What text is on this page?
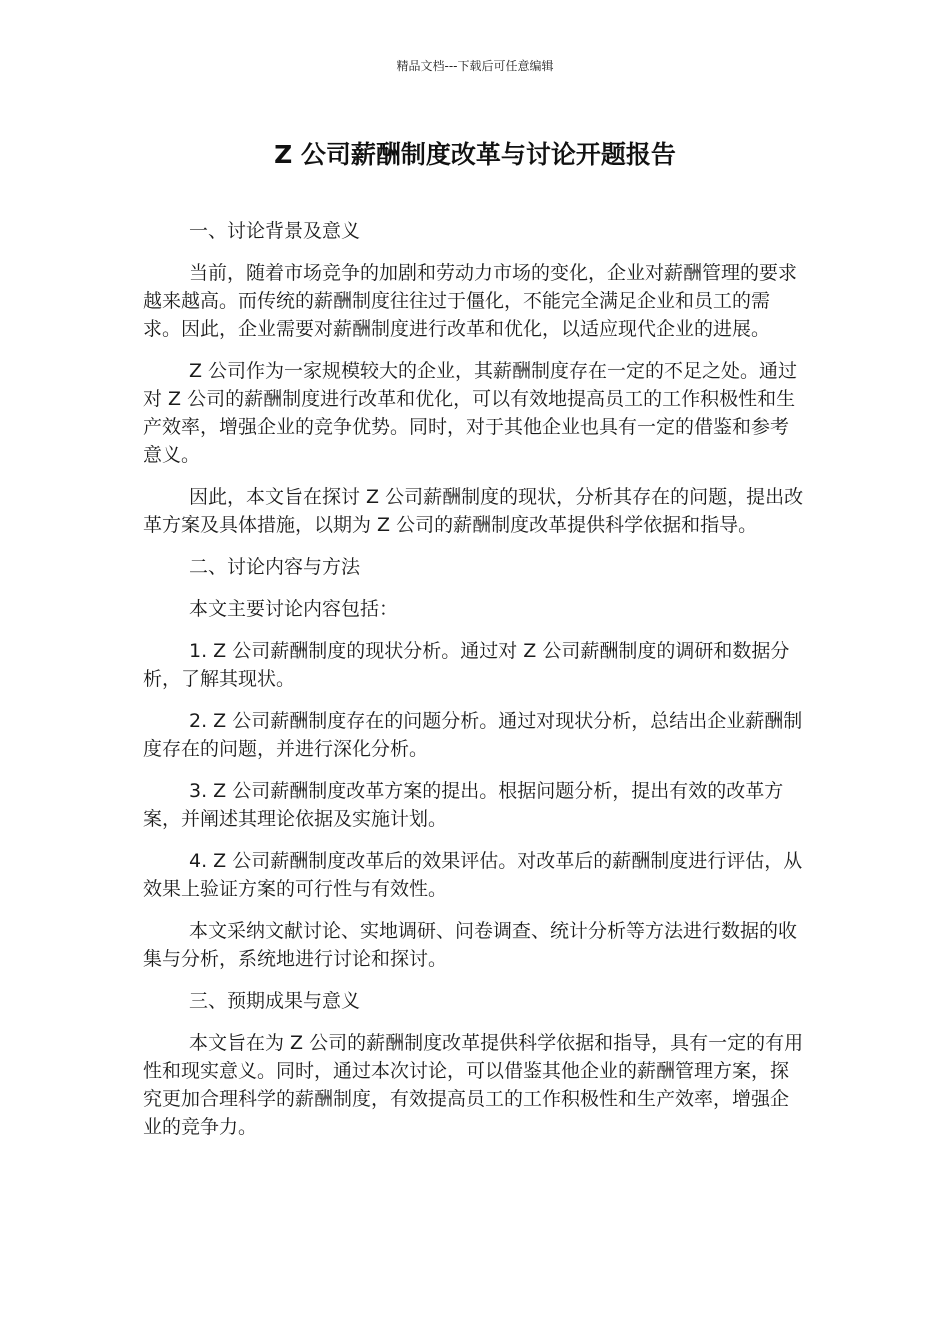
精品文档---下载后可任意编辑
Z 公司薪酬制度改革与讨论开题报告

一、讨论背景及意义

当前，随着市场竞争的加剧和劳动力市场的变化，企业对薪酬管理的要求越来越高。而传统的薪酬制度往往过于僵化，不能完全满足企业和员工的需求。因此，企业需要对薪酬制度进行改革和优化，以适应现代企业的进展。

Z 公司作为一家规模较大的企业，其薪酬制度存在一定的不足之处。通过对 Z 公司的薪酬制度进行改革和优化，可以有效地提高员工的工作积极性和生产效率，增强企业的竞争优势。同时，对于其他企业也具有一定的借鉴和参考意义。

因此，本文旨在探讨 Z 公司薪酬制度的现状，分析其存在的问题，提出改革方案及具体措施，以期为 Z 公司的薪酬制度改革提供科学依据和指导。

二、讨论内容与方法

本文主要讨论内容包括：

1. Z 公司薪酬制度的现状分析。通过对 Z 公司薪酬制度的调研和数据分析，了解其现状。

2. Z 公司薪酬制度存在的问题分析。通过对现状分析，总结出企业薪酬制度存在的问题，并进行深化分析。

3. Z 公司薪酬制度改革方案的提出。根据问题分析，提出有效的改革方案，并阐述其理论依据及实施计划。

4. Z 公司薪酬制度改革后的效果评估。对改革后的薪酬制度进行评估，从效果上验证方案的可行性与有效性。

本文采纳文献讨论、实地调研、问卷调查、统计分析等方法进行数据的收集与分析，系统地进行讨论和探讨。

三、预期成果与意义

本文旨在为 Z 公司的薪酬制度改革提供科学依据和指导，具有一定的有用性和现实意义。同时，通过本次讨论，可以借鉴其他企业的薪酬管理方案，探究更加合理科学的薪酬制度，有效提高员工的工作积极性和生产效率，增强企业的竞争力。
